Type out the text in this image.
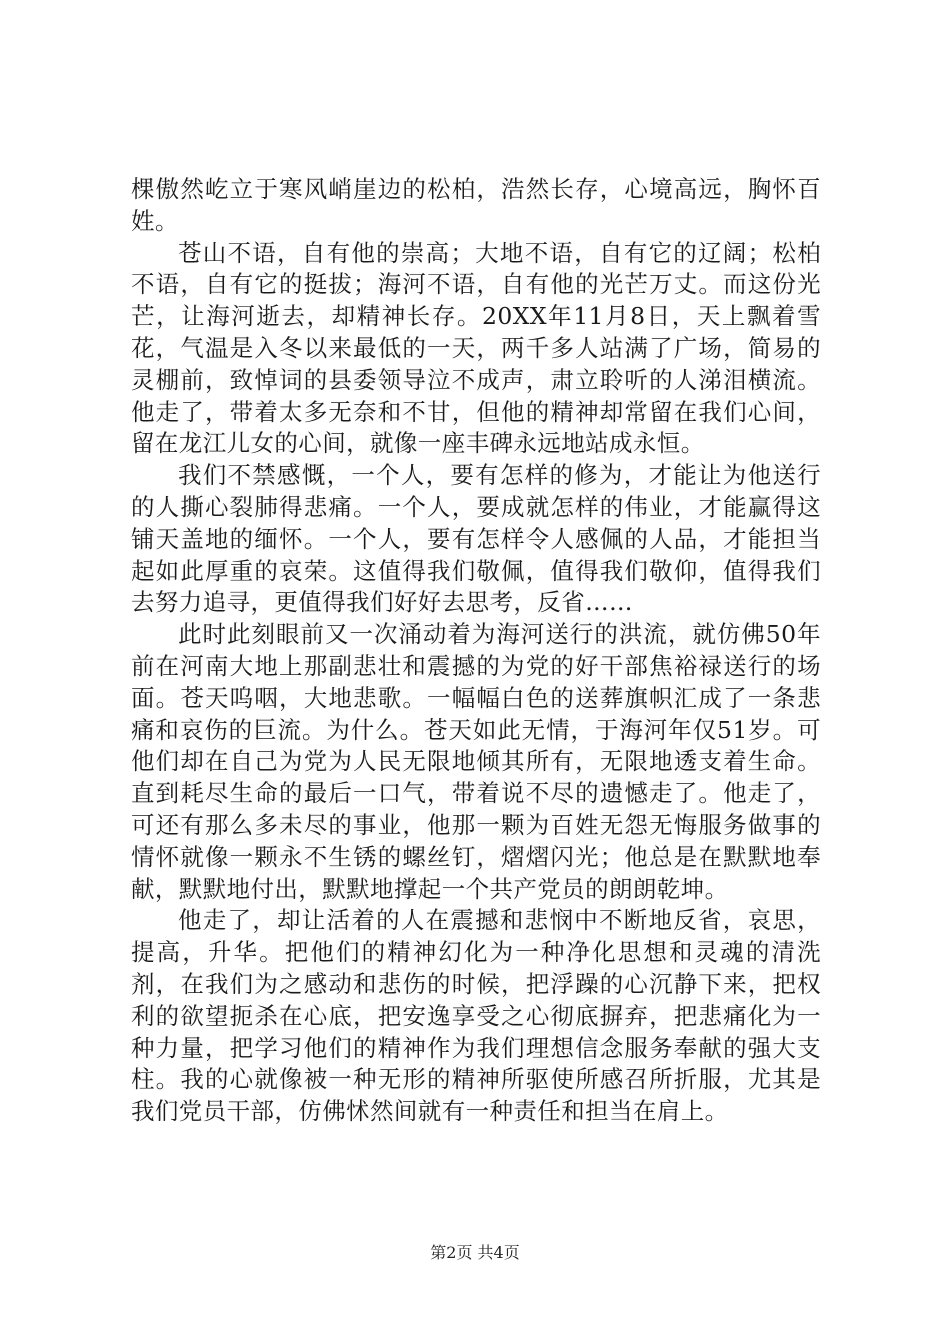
棵傲然屹立于寒风峭崖边的松柏，浩然长存，心境高远，胸怀百姓。

苍山不语，自有他的崇高；大地不语，自有它的辽阔；松柏不语，自有它的挺拔；海河不语，自有他的光芒万丈。而这份光芒，让海河逝去，却精神长存。20XX年11月8日，天上飘着雪花，气温是入冬以来最低的一天，两千多人站满了广场，简易的灵棚前，致悼词的县委领导泣不成声，肃立聆听的人涕泪横流。他走了，带着太多无奈和不甘，但他的精神却常留在我们心间，留在龙江儿女的心间，就像一座丰碑永远地站成永恒。

我们不禁感慨，一个人，要有怎样的修为，才能让为他送行的人撕心裂肺得悲痛。一个人，要成就怎样的伟业，才能赢得这铺天盖地的缅怀。一个人，要有怎样令人感佩的人品，才能担当起如此厚重的哀荣。这值得我们敬佩，值得我们敬仰，值得我们去努力追寻，更值得我们好好去思考，反省……

此时此刻眼前又一次涌动着为海河送行的洪流，就仿佛50年前在河南大地上那副悲壮和震撼的为党的好干部焦裕禄送行的场面。苍天呜咽，大地悲歌。一幅幅白色的送葬旗帜汇成了一条悲痛和哀伤的巨流。为什么。苍天如此无情，于海河年仅51岁。可他们却在自己为党为人民无限地倾其所有，无限地透支着生命。直到耗尽生命的最后一口气，带着说不尽的遗憾走了。他走了，可还有那么多未尽的事业，他那一颗为百姓无怨无悔服务做事的情怀就像一颗永不生锈的螺丝钉，熠熠闪光；他总是在默默地奉献，默默地付出，默默地撑起一个共产党员的朗朗乾坤。

他走了，却让活着的人在震撼和悲悯中不断地反省，哀思，提高，升华。把他们的精神幻化为一种净化思想和灵魂的清洗剂，在我们为之感动和悲伤的时候，把浮躁的心沉静下来，把权利的欲望扼杀在心底，把安逸享受之心彻底摒弃，把悲痛化为一种力量，把学习他们的精神作为我们理想信念服务奉献的强大支柱。我的心就像被一种无形的精神所驱使所感召所折服，尤其是我们党员干部，仿佛怵然间就有一种责任和担当在肩上。

第2页 共4页
